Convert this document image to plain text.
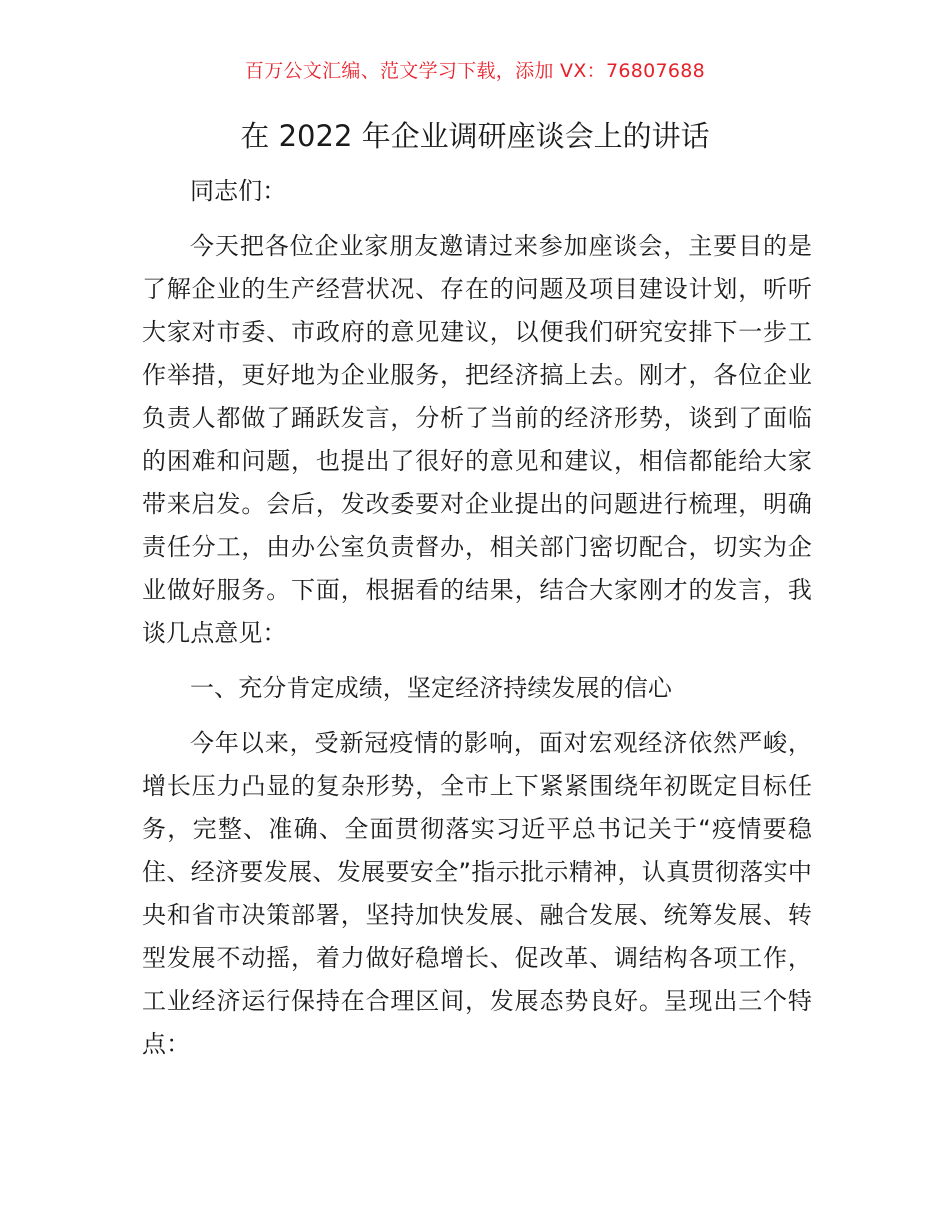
百万公文汇编、范文学习下载，添加 VX：76807688
在 2022 年企业调研座谈会上的讲话

同志们：

今天把各位企业家朋友邀请过来参加座谈会，主要目的是了解企业的生产经营状况、存在的问题及项目建设计划，听听大家对市委、市政府的意见建议，以便我们研究安排下一步工作举措，更好地为企业服务，把经济搞上去。刚才，各位企业负责人都做了踊跃发言，分析了当前的经济形势，谈到了面临的困难和问题，也提出了很好的意见和建议，相信都能给大家带来启发。会后，发改委要对企业提出的问题进行梳理，明确责任分工，由办公室负责督办，相关部门密切配合，切实为企业做好服务。下面，根据看的结果，结合大家刚才的发言，我谈几点意见：

一、充分肯定成绩，坚定经济持续发展的信心

今年以来，受新冠疫情的影响，面对宏观经济依然严峻，增长压力凸显的复杂形势，全市上下紧紧围绕年初既定目标任务，完整、准确、全面贯彻落实习近平总书记关于“疫情要稳住、经济要发展、发展要安全”指示批示精神，认真贯彻落实中央和省市决策部署，坚持加快发展、融合发展、统筹发展、转型发展不动摇，着力做好稳增长、促改革、调结构各项工作，工业经济运行保持在合理区间，发展态势良好。呈现出三个特点：
